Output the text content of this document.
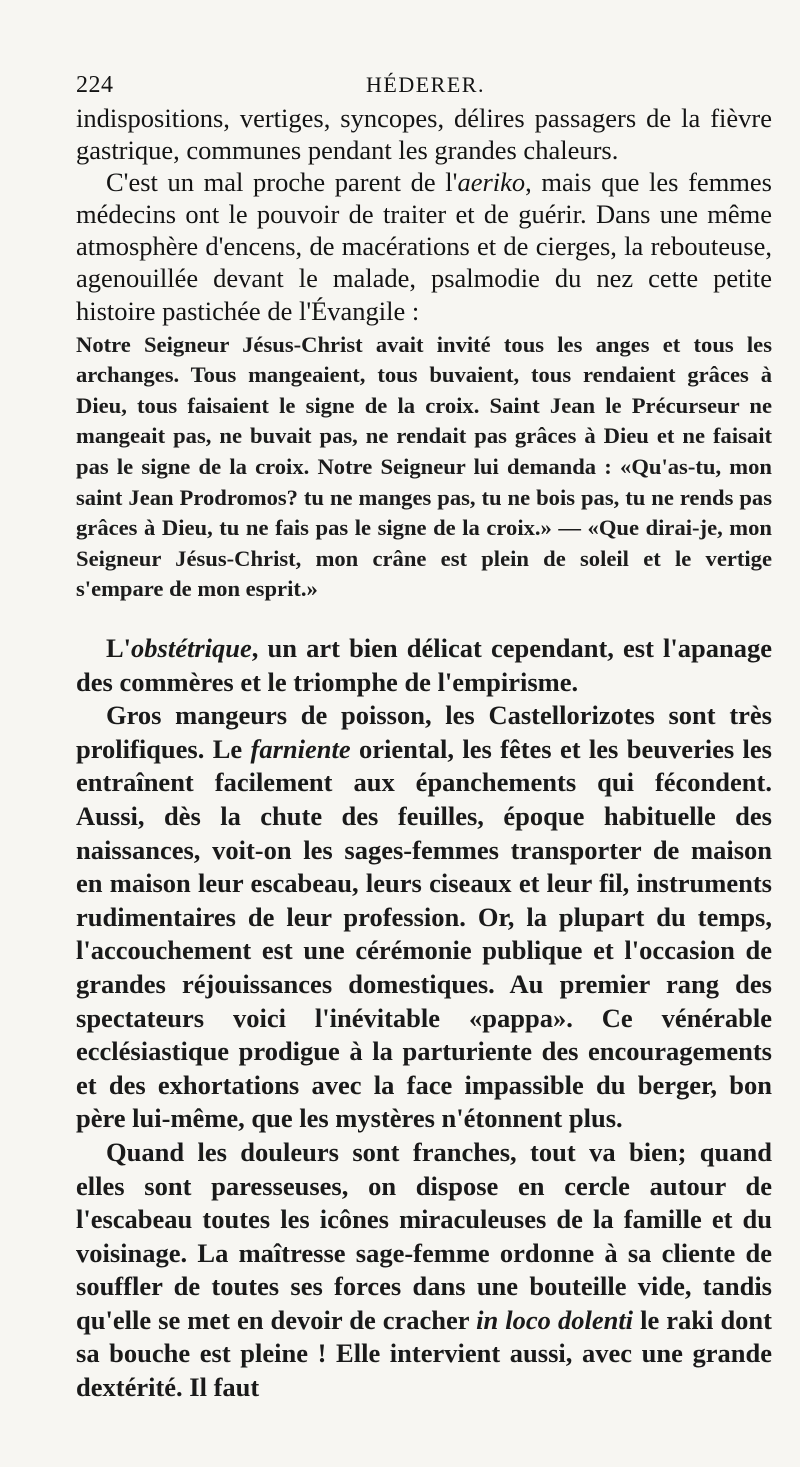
224	HÉDERER.

indispositions, vertiges, syncopes, délires passagers de la fièvre gastrique, communes pendant les grandes chaleurs.

C'est un mal proche parent de l'aeriko, mais que les femmes médecins ont le pouvoir de traiter et de guérir. Dans une même atmosphère d'encens, de macérations et de cierges, la rebouteuse, agenouillée devant le malade, psalmodie du nez cette petite histoire pastichée de l'Évangile :

Notre Seigneur Jésus-Christ avait invité tous les anges et tous les archanges. Tous mangeaient, tous buvaient, tous rendaient grâces à Dieu, tous faisaient le signe de la croix. Saint Jean le Précurseur ne mangeait pas, ne buvait pas, ne rendait pas grâces à Dieu et ne faisait pas le signe de la croix. Notre Seigneur lui demanda : «Qu'as-tu, mon saint Jean Prodromos? tu ne manges pas, tu ne bois pas, tu ne rends pas grâces à Dieu, tu ne fais pas le signe de la croix.» — «Que dirai-je, mon Seigneur Jésus-Christ, mon crâne est plein de soleil et le vertige s'empare de mon esprit.»

L'obstétrique, un art bien délicat cependant, est l'apanage des commères et le triomphe de l'empirisme.

Gros mangeurs de poisson, les Castellorizotes sont très prolifiques. Le farniente oriental, les fêtes et les beuveries les entraînent facilement aux épanchements qui fécondent. Aussi, dès la chute des feuilles, époque habituelle des naissances, voit-on les sages-femmes transporter de maison en maison leur escabeau, leurs ciseaux et leur fil, instruments rudimentaires de leur profession. Or, la plupart du temps, l'accouchement est une cérémonie publique et l'occasion de grandes réjouissances domestiques. Au premier rang des spectateurs voici l'inévitable «pappa». Ce vénérable ecclésiastique prodigue à la parturiente des encouragements et des exhortations avec la face impassible du berger, bon père lui-même, que les mystères n'étonnent plus.

Quand les douleurs sont franches, tout va bien; quand elles sont paresseuses, on dispose en cercle autour de l'escabeau toutes les icônes miraculeuses de la famille et du voisinage. La maîtresse sage-femme ordonne à sa cliente de souffler de toutes ses forces dans une bouteille vide, tandis qu'elle se met en devoir de cracher in loco dolenti le raki dont sa bouche est pleine ! Elle intervient aussi, avec une grande dextérité. Il faut
